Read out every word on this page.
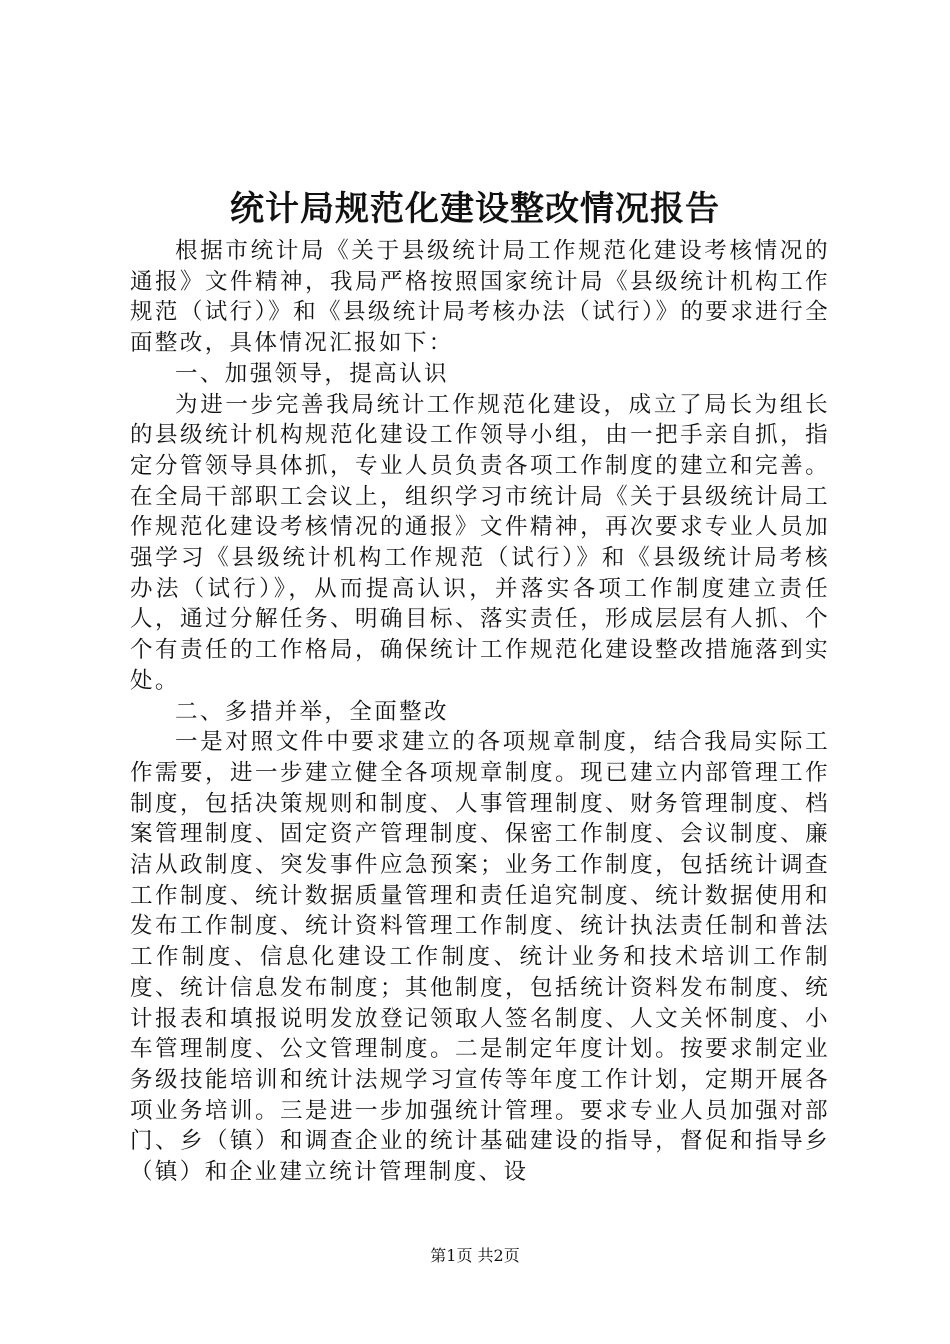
统计局规范化建设整改情况报告

根据市统计局《关于县级统计局工作规范化建设考核情况的通报》文件精神，我局严格按照国家统计局《县级统计机构工作规范（试行）》和《县级统计局考核办法（试行）》的要求进行全面整改，具体情况汇报如下：

一、加强领导，提高认识

为进一步完善我局统计工作规范化建设，成立了局长为组长的县级统计机构规范化建设工作领导小组，由一把手亲自抓，指定分管领导具体抓，专业人员负责各项工作制度的建立和完善。在全局干部职工会议上，组织学习市统计局《关于县级统计局工作规范化建设考核情况的通报》文件精神，再次要求专业人员加强学习《县级统计机构工作规范（试行）》和《县级统计局考核办法（试行）》，从而提高认识，并落实各项工作制度建立责任人，通过分解任务、明确目标、落实责任，形成层层有人抓、个个有责任的工作格局，确保统计工作规范化建设整改措施落到实处。

二、多措并举，全面整改

一是对照文件中要求建立的各项规章制度，结合我局实际工作需要，进一步建立健全各项规章制度。现已建立内部管理工作制度，包括决策规则和制度、人事管理制度、财务管理制度、档案管理制度、固定资产管理制度、保密工作制度、会议制度、廉洁从政制度、突发事件应急预案；业务工作制度，包括统计调查工作制度、统计数据质量管理和责任追究制度、统计数据使用和发布工作制度、统计资料管理工作制度、统计执法责任制和普法工作制度、信息化建设工作制度、统计业务和技术培训工作制度、统计信息发布制度；其他制度，包括统计资料发布制度、统计报表和填报说明发放登记领取人签名制度、人文关怀制度、小车管理制度、公文管理制度。二是制定年度计划。按要求制定业务级技能培训和统计法规学习宣传等年度工作计划，定期开展各项业务培训。三是进一步加强统计管理。要求专业人员加强对部门、乡（镇）和调查企业的统计基础建设的指导，督促和指导乡（镇）和企业建立统计管理制度、设

第1页 共2页
